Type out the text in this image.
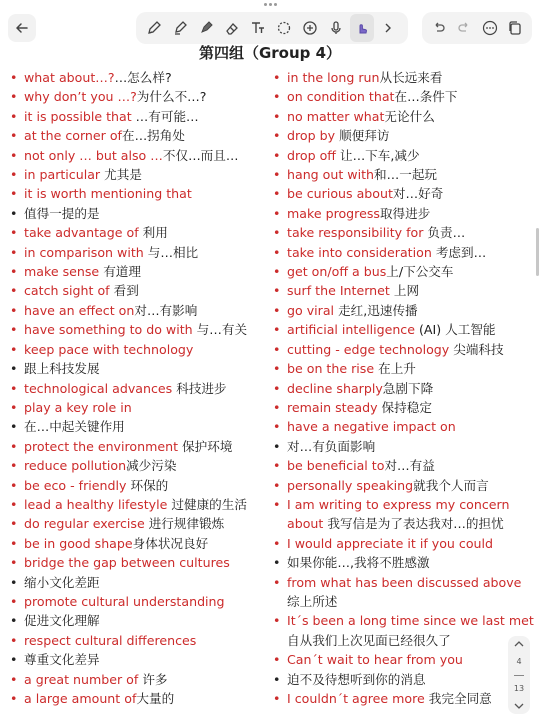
第四组（Group 4）
• what about…?…怎么样?
• why don’t you …?为什么不…?
• it is possible that …有可能…
• at the corner of在…拐角处
• not only … but also …不仅…而且…
• in particular 尤其是
• it is worth mentioning that
• 值得一提的是
• take advantage of 利用
• in comparison with 与…相比
• make sense 有道理
• catch sight of 看到
• have an effect on对…有影响
• have something to do with 与…有关
• keep pace with technology
• 跟上科技发展
• technological advances 科技进步
• play a key role in
• 在…中起关键作用
• protect the environment 保护环境
• reduce pollution减少污染
• be eco - friendly 环保的
• lead a healthy lifestyle 过健康的生活
• do regular exercise 进行规律锻炼
• be in good shape身体状况良好
• bridge the gap between cultures
• 缩小文化差距
• promote cultural understanding
• 促进文化理解
• respect cultural differences
• 尊重文化差异
• a great number of 许多
• a large amount of大量的
• in the long run从长远来看
• on condition that在…条件下
• no matter what无论什么
• drop by 顺便拜访
• drop off 让…下车,减少
• hang out with和…一起玩
• be curious about对…好奇
• make progress取得进步
• take responsibility for 负责…
• take into consideration 考虑到…
• get on/off a bus上/下公交车
• surf the Internet 上网
• go viral 走红,迅速传播
• artificial intelligence (AI) 人工智能
• cutting - edge technology 尖端科技
• be on the rise 在上升
• decline sharply急剧下降
• remain steady 保持稳定
• have a negative impact on
• 对…有负面影响
• be beneficial to对…有益
• personally speaking就我个人而言
• I am writing to express my concern
about 我写信是为了表达我对…的担忧
• I would appreciate it if you could
• 如果你能…,我将不胜感激
• from what has been discussed above
综上所述
• It´s been a long time since we last met
自从我们上次见面已经很久了
• Can´t wait to hear from you
• 迫不及待想听到你的消息
• I couldn´t agree more 我完全同意
4
13
